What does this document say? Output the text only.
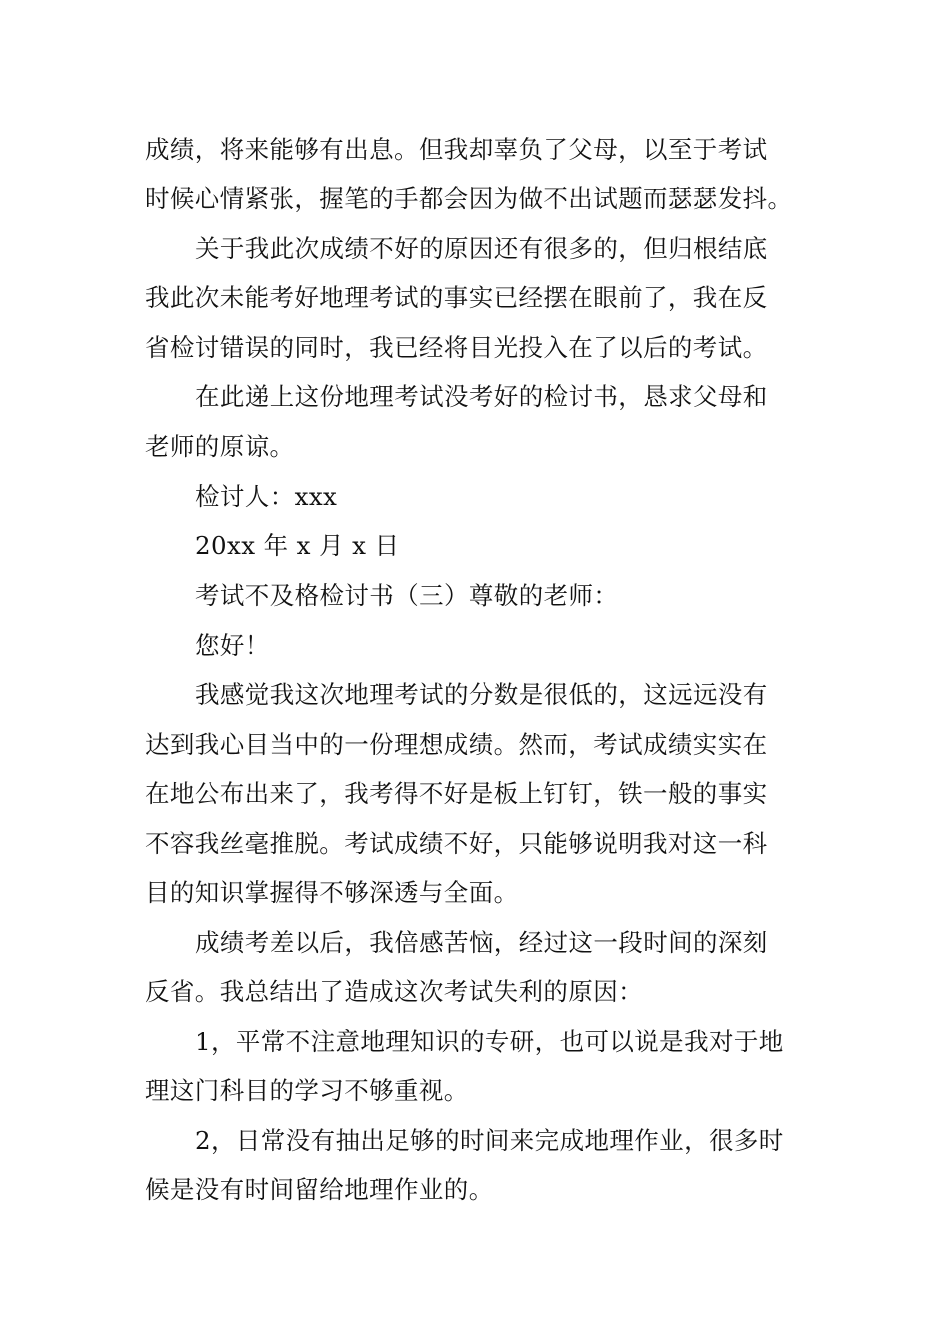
成绩，将来能够有出息。但我却辜负了父母，以至于考试
时候心情紧张，握笔的手都会因为做不出试题而瑟瑟发抖。
关于我此次成绩不好的原因还有很多的，但归根结底
我此次未能考好地理考试的事实已经摆在眼前了，我在反
省检讨错误的同时，我已经将目光投入在了以后的考试。
在此递上这份地理考试没考好的检讨书，恳求父母和
老师的原谅。
检讨人：xxx
20xx 年 x 月 x 日
考试不及格检讨书（三）尊敬的老师：
您好！
我感觉我这次地理考试的分数是很低的，这远远没有
达到我心目当中的一份理想成绩。然而，考试成绩实实在
在地公布出来了，我考得不好是板上钉钉，铁一般的事实
不容我丝毫推脱。考试成绩不好，只能够说明我对这一科
目的知识掌握得不够深透与全面。
成绩考差以后，我倍感苦恼，经过这一段时间的深刻
反省。我总结出了造成这次考试失利的原因：
1，平常不注意地理知识的专研，也可以说是我对于地
理这门科目的学习不够重视。
2，日常没有抽出足够的时间来完成地理作业，很多时
候是没有时间留给地理作业的。
